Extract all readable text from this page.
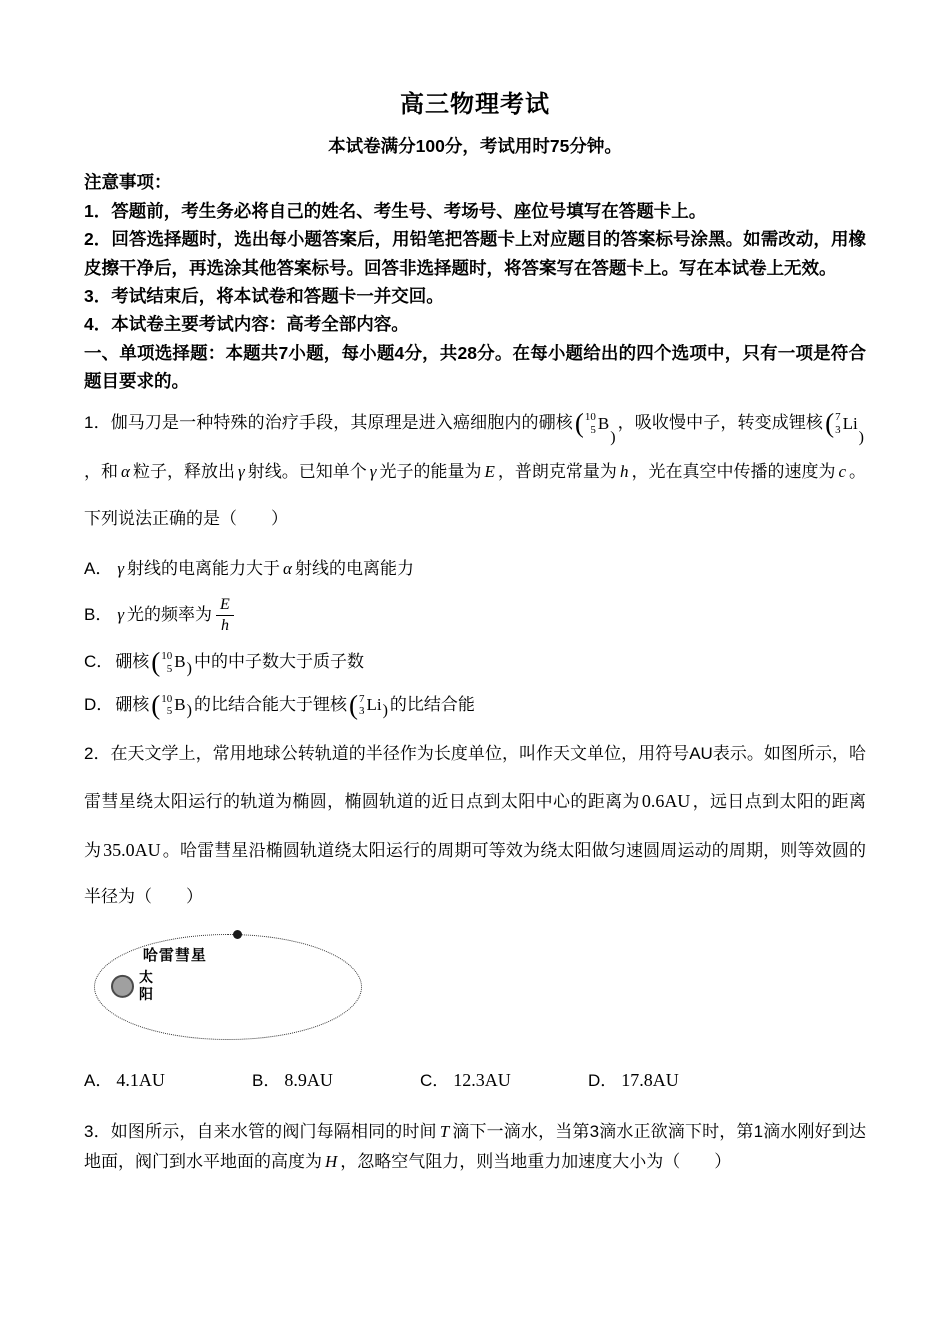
高三物理考试

本试卷满分100分，考试用时75分钟。

注意事项：

1．答题前，考生务必将自己的姓名、考生号、考场号、座位号填写在答题卡上。

2．回答选择题时，选出每小题答案后，用铅笔把答题卡上对应题目的答案标号涂黑。如需改动，用橡皮擦干净后，再选涂其他答案标号。回答非选择题时，将答案写在答题卡上。写在本试卷上无效。

3．考试结束后，将本试卷和答题卡一并交回。

4．本试卷主要考试内容：高考全部内容。

一、单项选择题：本题共7小题，每小题4分，共28分。在每小题给出的四个选项中，只有一项是符合题目要求的。

1．伽马刀是一种特殊的治疗手段，其原理是进入癌细胞内的硼核 ( 10
5 B
)
，吸收慢中子，转变成锂核 ( 7
3 Li
)
，和 α 粒子，释放出 γ 射线。已知单个 γ 光子的能量为 E ，普朗克常量为 h ，光在真空中传播的速度为 c 。下列说法正确的是（　　）

A． γ 射线的电离能力大于 α 射线的电离能力

B． γ 光的频率为 $\frac{E}{h}$

C． 硼核 ( 10
5 B ) 中的中子数大于质子数

D． 硼核 ( 10
5 B ) 的比结合能大于锂核 ( 7
3 Li ) 的比结合能

2．在天文学上，常用地球公转轨道的半径作为长度单位，叫作天文单位，用符号AU表示。如图所示，哈雷彗星绕太阳运行的轨道为椭圆，椭圆轨道的近日点到太阳中心的距离为 0.6AU ，远日点到太阳的距离为 35.0AU 。哈雷彗星沿椭圆轨道绕太阳运行的周期可等效为绕太阳做匀速圆周运动的周期，则等效圆的半径为（　　）

哈雷彗星
太阳
A． 4.1AU	B． 8.9AU	C． 12.3AU	D． 17.8AU

3．如图所示，自来水管的阀门每隔相同的时间 T 滴下一滴水，当第3滴水正欲滴下时，第1滴水刚好到达地面，阀门到水平地面的高度为 H ，忽略空气阻力，则当地重力加速度大小为（　　）
